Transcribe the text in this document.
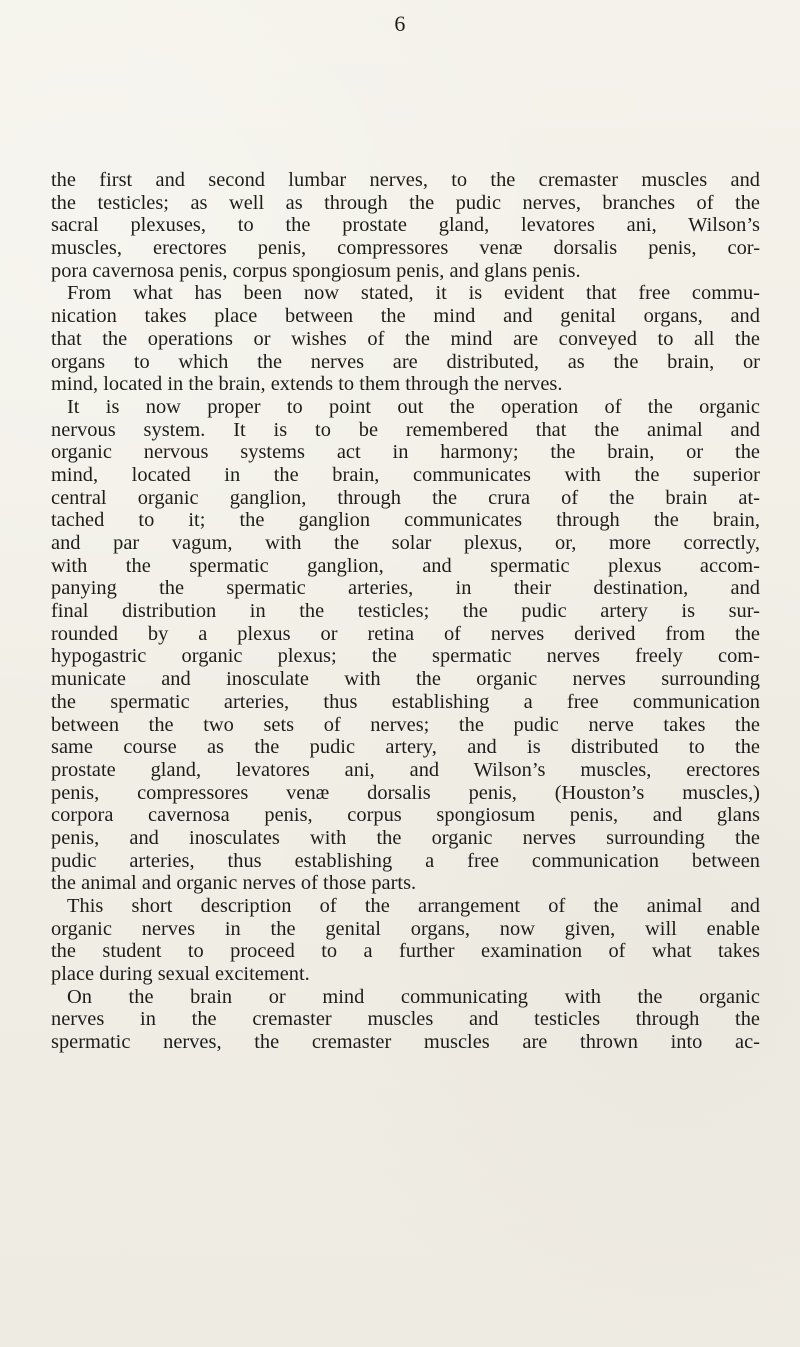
6
the first and second lumbar nerves, to the cremaster muscles and
the testicles; as well as through the pudic nerves, branches of the
sacral plexuses, to the prostate gland, levatores ani, Wilson’s
muscles, erectores penis, compressores venæ dorsalis penis, cor-
pora cavernosa penis, corpus spongiosum penis, and glans penis.
From what has been now stated, it is evident that free commu-
nication takes place between the mind and genital organs, and
that the operations or wishes of the mind are conveyed to all the
organs to which the nerves are distributed, as the brain, or
mind, located in the brain, extends to them through the nerves.
It is now proper to point out the operation of the organic
nervous system. It is to be remembered that the animal and
organic nervous systems act in harmony; the brain, or the
mind, located in the brain, communicates with the superior
central organic ganglion, through the crura of the brain at-
tached to it; the ganglion communicates through the brain,
and par vagum, with the solar plexus, or, more correctly,
with the spermatic ganglion, and spermatic plexus accom-
panying the spermatic arteries, in their destination, and
final distribution in the testicles; the pudic artery is sur-
rounded by a plexus or retina of nerves derived from the
hypogastric organic plexus; the spermatic nerves freely com-
municate and inosculate with the organic nerves surrounding
the spermatic arteries, thus establishing a free communication
between the two sets of nerves; the pudic nerve takes the
same course as the pudic artery, and is distributed to the
prostate gland, levatores ani, and Wilson’s muscles, erectores
penis, compressores venæ dorsalis penis, (Houston’s muscles,)
corpora cavernosa penis, corpus spongiosum penis, and glans
penis, and inosculates with the organic nerves surrounding the
pudic arteries, thus establishing a free communication between
the animal and organic nerves of those parts.
This short description of the arrangement of the animal and
organic nerves in the genital organs, now given, will enable
the student to proceed to a further examination of what takes
place during sexual excitement.
On the brain or mind communicating with the organic
nerves in the cremaster muscles and testicles through the
spermatic nerves, the cremaster muscles are thrown into ac-
